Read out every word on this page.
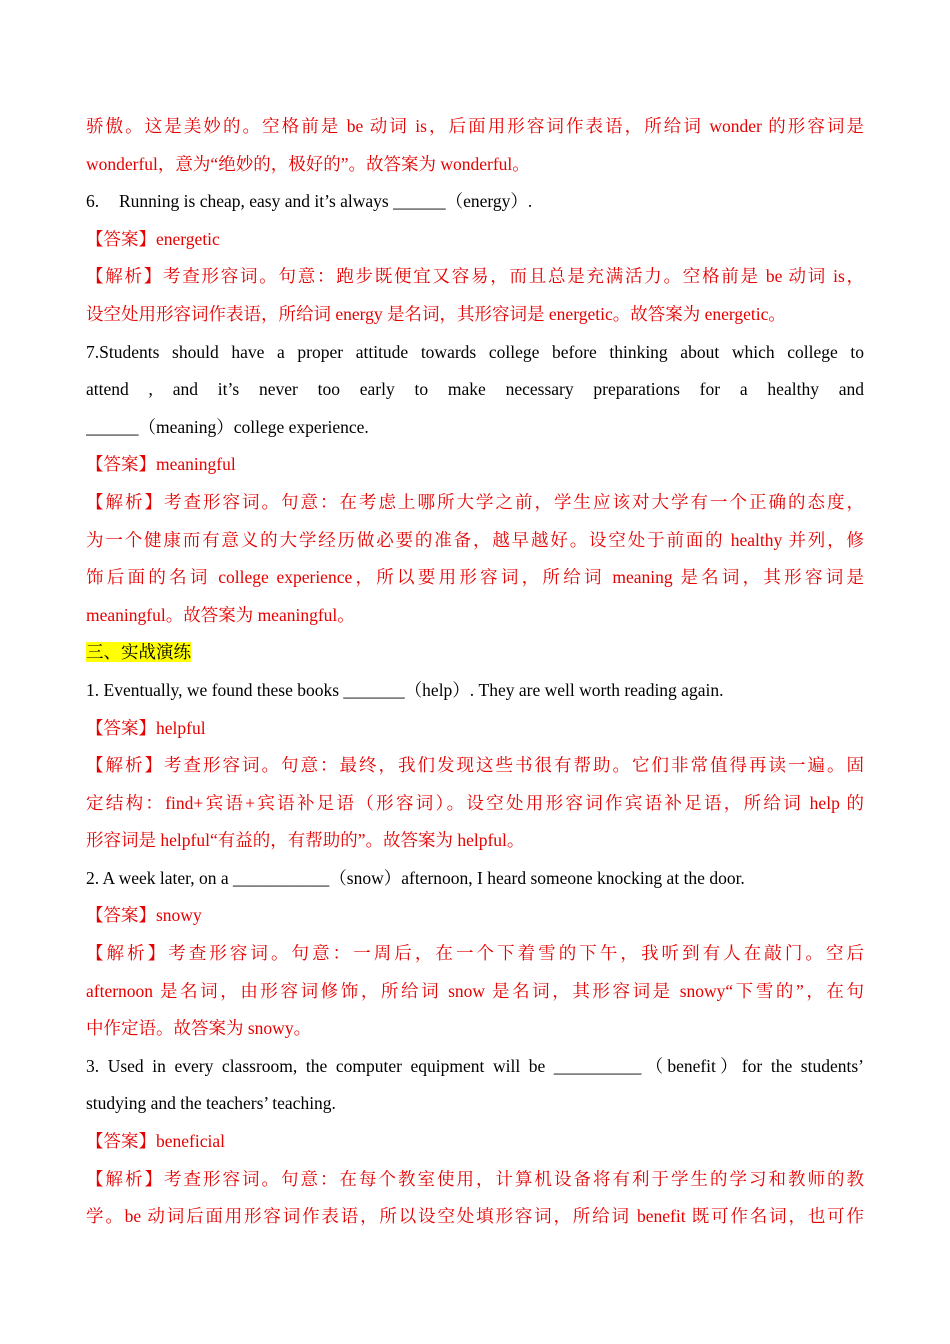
骄傲。这是美妙的。空格前是 be 动词 is，后面用形容词作表语，所给词 wonder 的形容词是
wonderful，意为“绝妙的，极好的”。故答案为 wonderful。
6. Running is cheap, easy and it’s always ______（energy）.
【答案】energetic
【解析】考查形容词。句意：跑步既便宜又容易，而且总是充满活力。空格前是 be 动词 is，
设空处用形容词作表语，所给词 energy 是名词，其形容词是 energetic。故答案为 energetic。
7.Students should have a proper attitude towards college before thinking about which college to
attend , and it’s never too early to make necessary preparations for a healthy and
______（meaning）college experience.
【答案】meaningful
【解析】考查形容词。句意：在考虑上哪所大学之前，学生应该对大学有一个正确的态度，
为一个健康而有意义的大学经历做必要的准备，越早越好。设空处于前面的 healthy 并列，修
饰后面的名词 college experience，所以要用形容词，所给词 meaning 是名词，其形容词是
meaningful。故答案为 meaningful。
三、实战演练
1. Eventually, we found these books _______（help）. They are well worth reading again.
【答案】helpful
【解析】考查形容词。句意：最终，我们发现这些书很有帮助。它们非常值得再读一遍。固
定结构：find+宾语+宾语补足语（形容词）。设空处用形容词作宾语补足语，所给词 help 的
形容词是 helpful“有益的，有帮助的”。故答案为 helpful。
2. A week later, on a ___________（snow）afternoon, I heard someone knocking at the door.
【答案】snowy
【解析】考查形容词。句意：一周后，在一个下着雪的下午，我听到有人在敲门。空后
afternoon 是名词，由形容词修饰，所给词 snow 是名词，其形容词是 snowy“下雪的”，在句
中作定语。故答案为 snowy。
3. Used in every classroom, the computer equipment will be __________（benefit）for the students’
studying and the teachers’ teaching.
【答案】beneficial
【解析】考查形容词。句意：在每个教室使用，计算机设备将有利于学生的学习和教师的教
学。be 动词后面用形容词作表语，所以设空处填形容词，所给词 benefit 既可作名词，也可作
